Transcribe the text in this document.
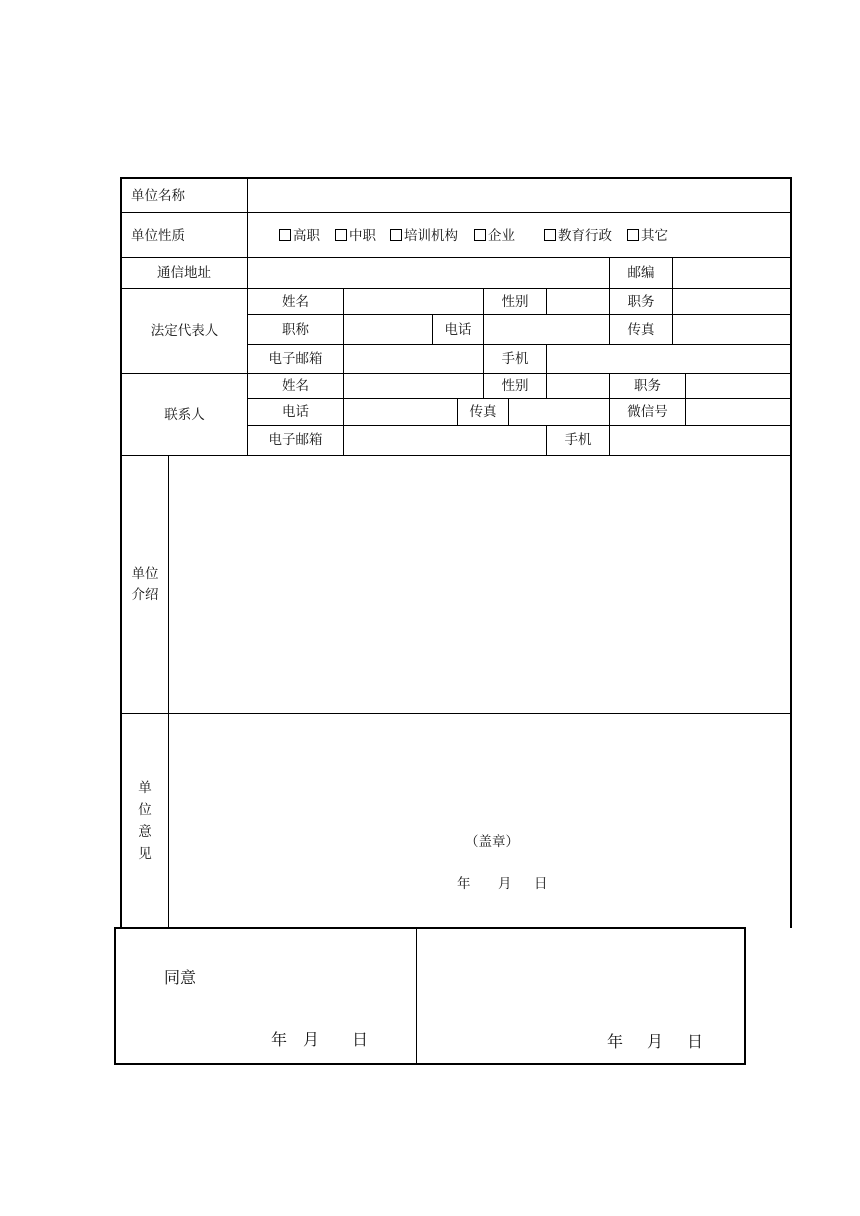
单位名称
单位性质	高职	中职	培训机构	企业	教育行政	其它
通信地址	邮编
法定代表人
姓名	性别	职务
职称	电话	传真
电子邮箱	手机
联系人
姓名	性别	职务
电话	传真	微信号
电子邮箱	手机
单位
介绍
单
位
意
见
（盖章）
年 月 日
同意
年 月 日	年 月 日
